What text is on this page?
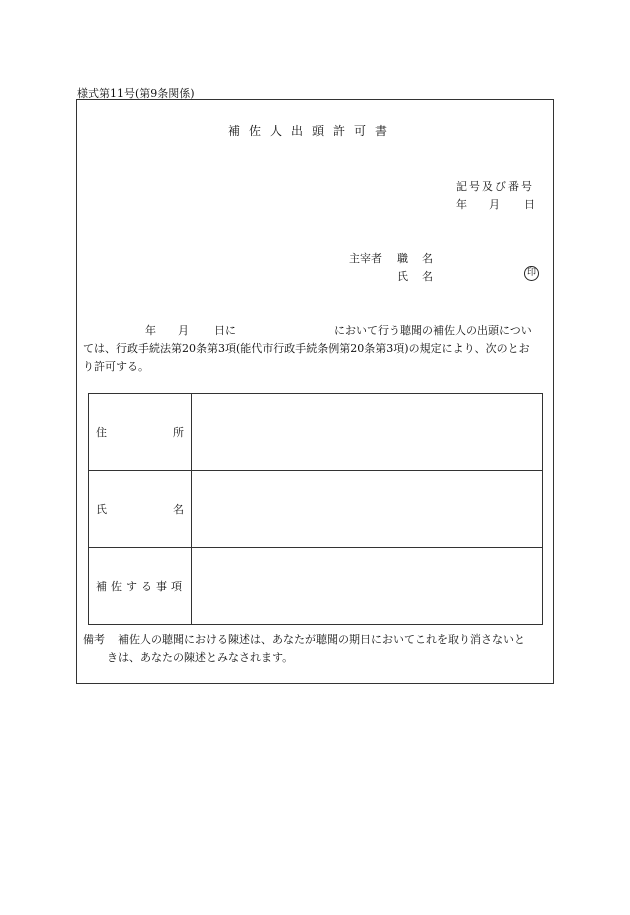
様式第11号(第9条関係)
補佐人出頭許可書
記号及び番号
年 月 日
主宰者 職 名
氏 名	印
年 月 日に	において行う聴聞の補佐人の出頭につい
ては、行政手続法第20条第3項(能代市行政手続条例第20条第3項)の規定により、次のとお
り許可する。
住 所	

氏 名	

補佐する事項	

備考 補佐人の聴聞における陳述は、あなたが聴聞の期日においてこれを取り消さないと
きは、あなたの陳述とみなされます。
